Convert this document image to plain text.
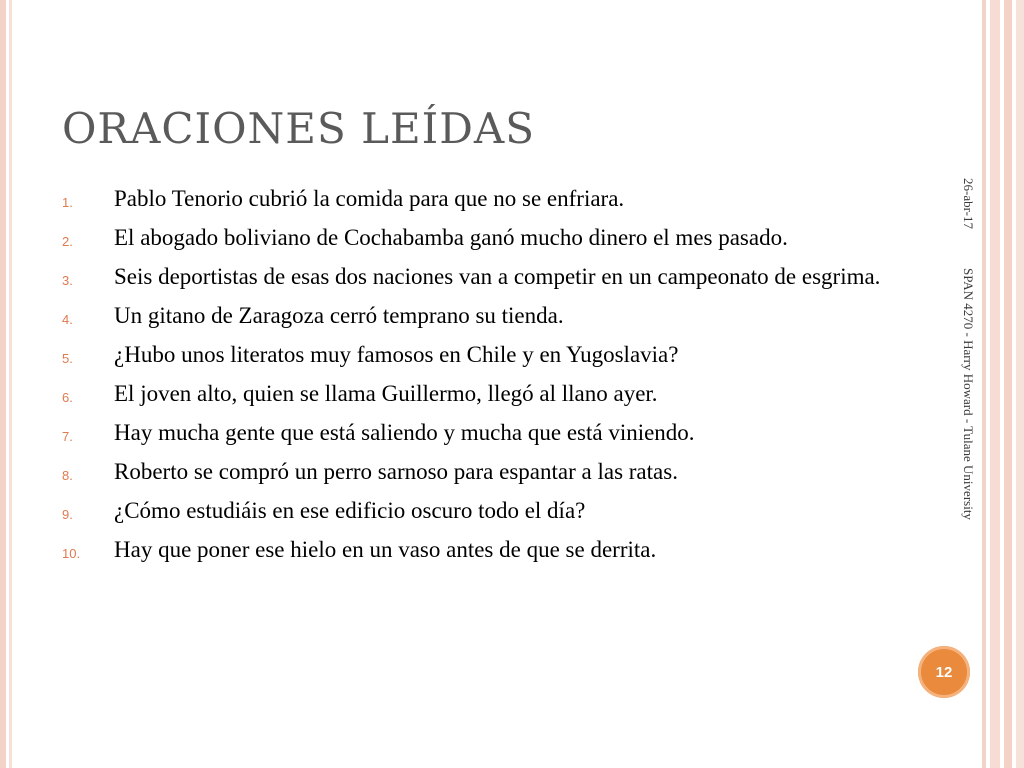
ORACIONES LEÍDAS
1. Pablo Tenorio cubrió la comida para que no se enfriara.
2. El abogado boliviano de Cochabamba ganó mucho dinero el mes pasado.
3. Seis deportistas de esas dos naciones van a competir en un campeonato de esgrima.
4. Un gitano de Zaragoza cerró temprano su tienda.
5. ¿Hubo unos literatos muy famosos en Chile y en Yugoslavia?
6. El joven alto, quien se llama Guillermo, llegó al llano ayer.
7. Hay mucha gente que está saliendo y mucha que está viniendo.
8. Roberto se compró un perro sarnoso para espantar a las ratas.
9. ¿Cómo estudiáis en ese edificio oscuro todo el día?
10. Hay que poner ese hielo en un vaso antes de que se derrita.
26-abr-17
SPAN 4270 - Harry Howard - Tulane University
12
